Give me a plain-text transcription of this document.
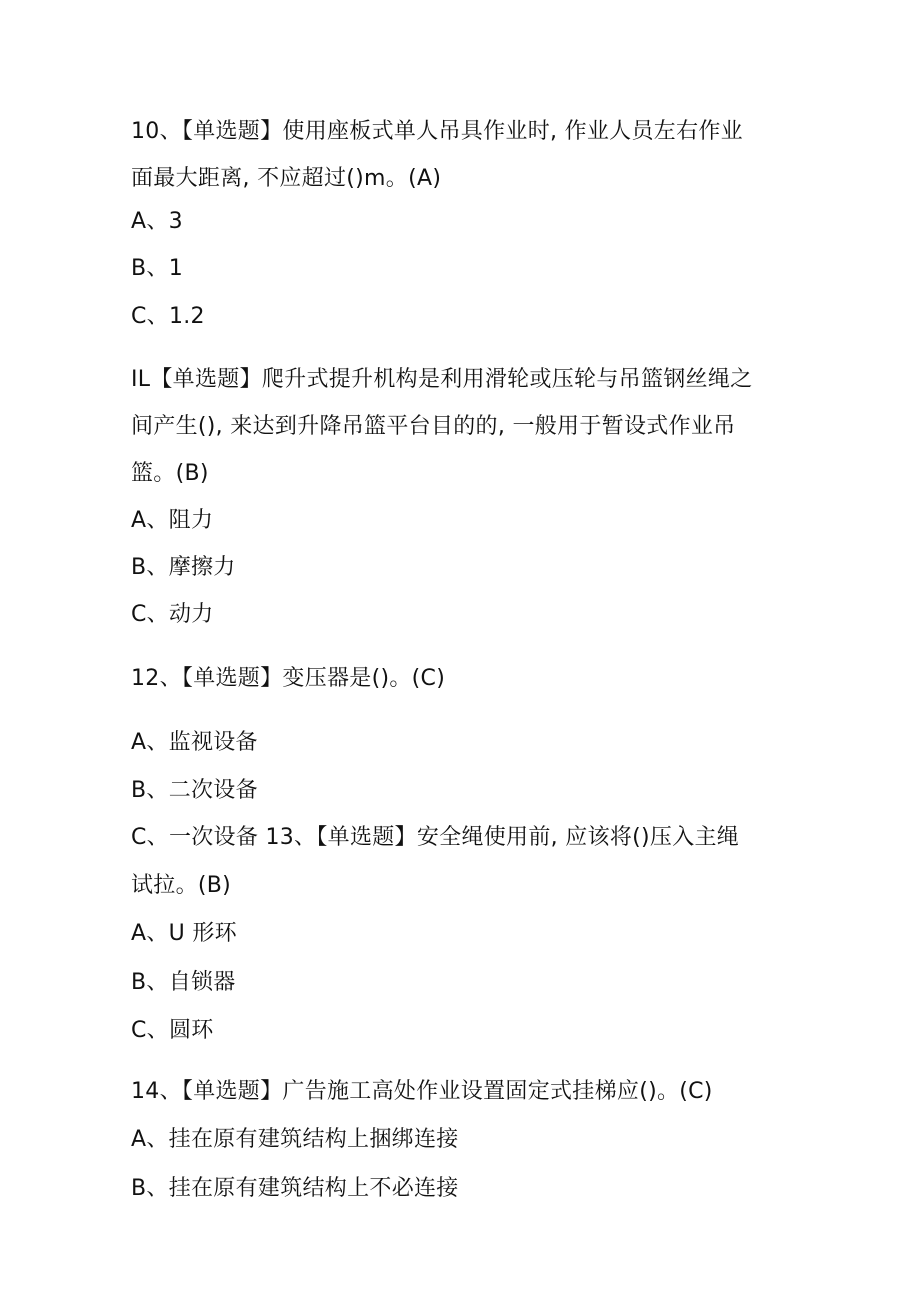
10、【单选题】使用座板式单人吊具作业时, 作业人员左右作业
面最大距离, 不应超过()m。(A)
A、3
B、1
C、1.2
IL【单选题】爬升式提升机构是利用滑轮或压轮与吊篮钢丝绳之
间产生(), 来达到升降吊篮平台目的的, 一般用于暂设式作业吊
篮。(B)
A、阻力
B、摩擦力
C、动力
12、【单选题】变压器是()。(C)
A、监视设备
B、二次设备
C、一次设备 13、【单选题】安全绳使用前, 应该将()压入主绳
试拉。(B)
A、U 形环
B、自锁器
C、圆环
14、【单选题】广告施工高处作业设置固定式挂梯应()。(C)
A、挂在原有建筑结构上捆绑连接
B、挂在原有建筑结构上不必连接
